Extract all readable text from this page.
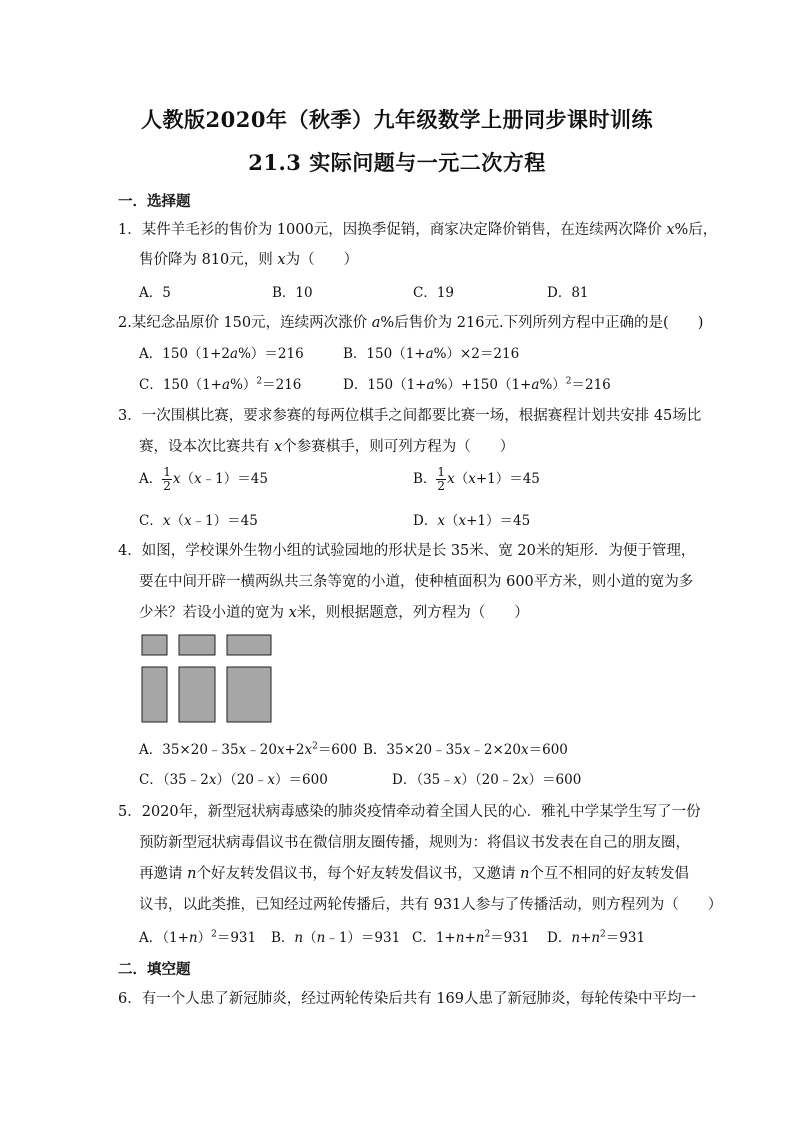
人教版2020年（秋季）九年级数学上册同步课时训练
21.3 实际问题与一元二次方程
一．选择题
1．某件羊毛衫的售价为 1000元，因换季促销，商家决定降价销售，在连续两次降价 x%后，
售价降为 810元，则 x为（　　）
A．5	B．10	C．19	D．81
2.某纪念品原价 150元，连续两次涨价 a%后售价为 216元.下列所列方程中正确的是(　　)
A．150（1+2a%）＝216	B．150（1+a%）×2＝216
C．$150(1+a\%)^2=216$	D．$150(1+a\%)+150(1+a\%)^2=216$
3．一次围棋比赛，要求参赛的每两位棋手之间都要比赛一场，根据赛程计划共安排 45场比
赛，设本次比赛共有 x个参赛棋手，则可列方程为（　　）
A． $\frac{1}{2}$ x（x﹣1）＝45	B． $\frac{1}{2} x(x+1)=45$
C．x（x﹣1）＝45	D．x（x+1）＝45
4．如图，学校课外生物小组的试验园地的形状是长 35米、宽 20米的矩形．为便于管理，
要在中间开辟一横两纵共三条等宽的小道，使种植面积为 600平方米，则小道的宽为多
少米？若设小道的宽为 x米，则根据题意，列方程为（　　）
A．$35\times 20﹣35x﹣20x+2x^2=600$ B．35×20﹣35x﹣2×20x＝600
C．（35﹣2x）（20﹣x）＝600	D．（35﹣x）（20﹣2x）＝600
5．2020年，新型冠状病毒感染的肺炎疫情牵动着全国人民的心．雅礼中学某学生写了一份
预防新型冠状病毒倡议书在微信朋友圈传播，规则为：将倡议书发表在自己的朋友圈，
再邀请 n个好友转发倡议书，每个好友转发倡议书，又邀请 n个互不相同的好友转发倡
议书，以此类推，已知经过两轮传播后，共有 931人参与了传播活动，则方程列为（　　）
A．$(1+n)^2=931$ B．n（n﹣1）＝931 C．$1+n+n^2=931$ D．$n+n^2=931$
二．填空题
6．有一个人患了新冠肺炎，经过两轮传染后共有 169人患了新冠肺炎，每轮传染中平均一
